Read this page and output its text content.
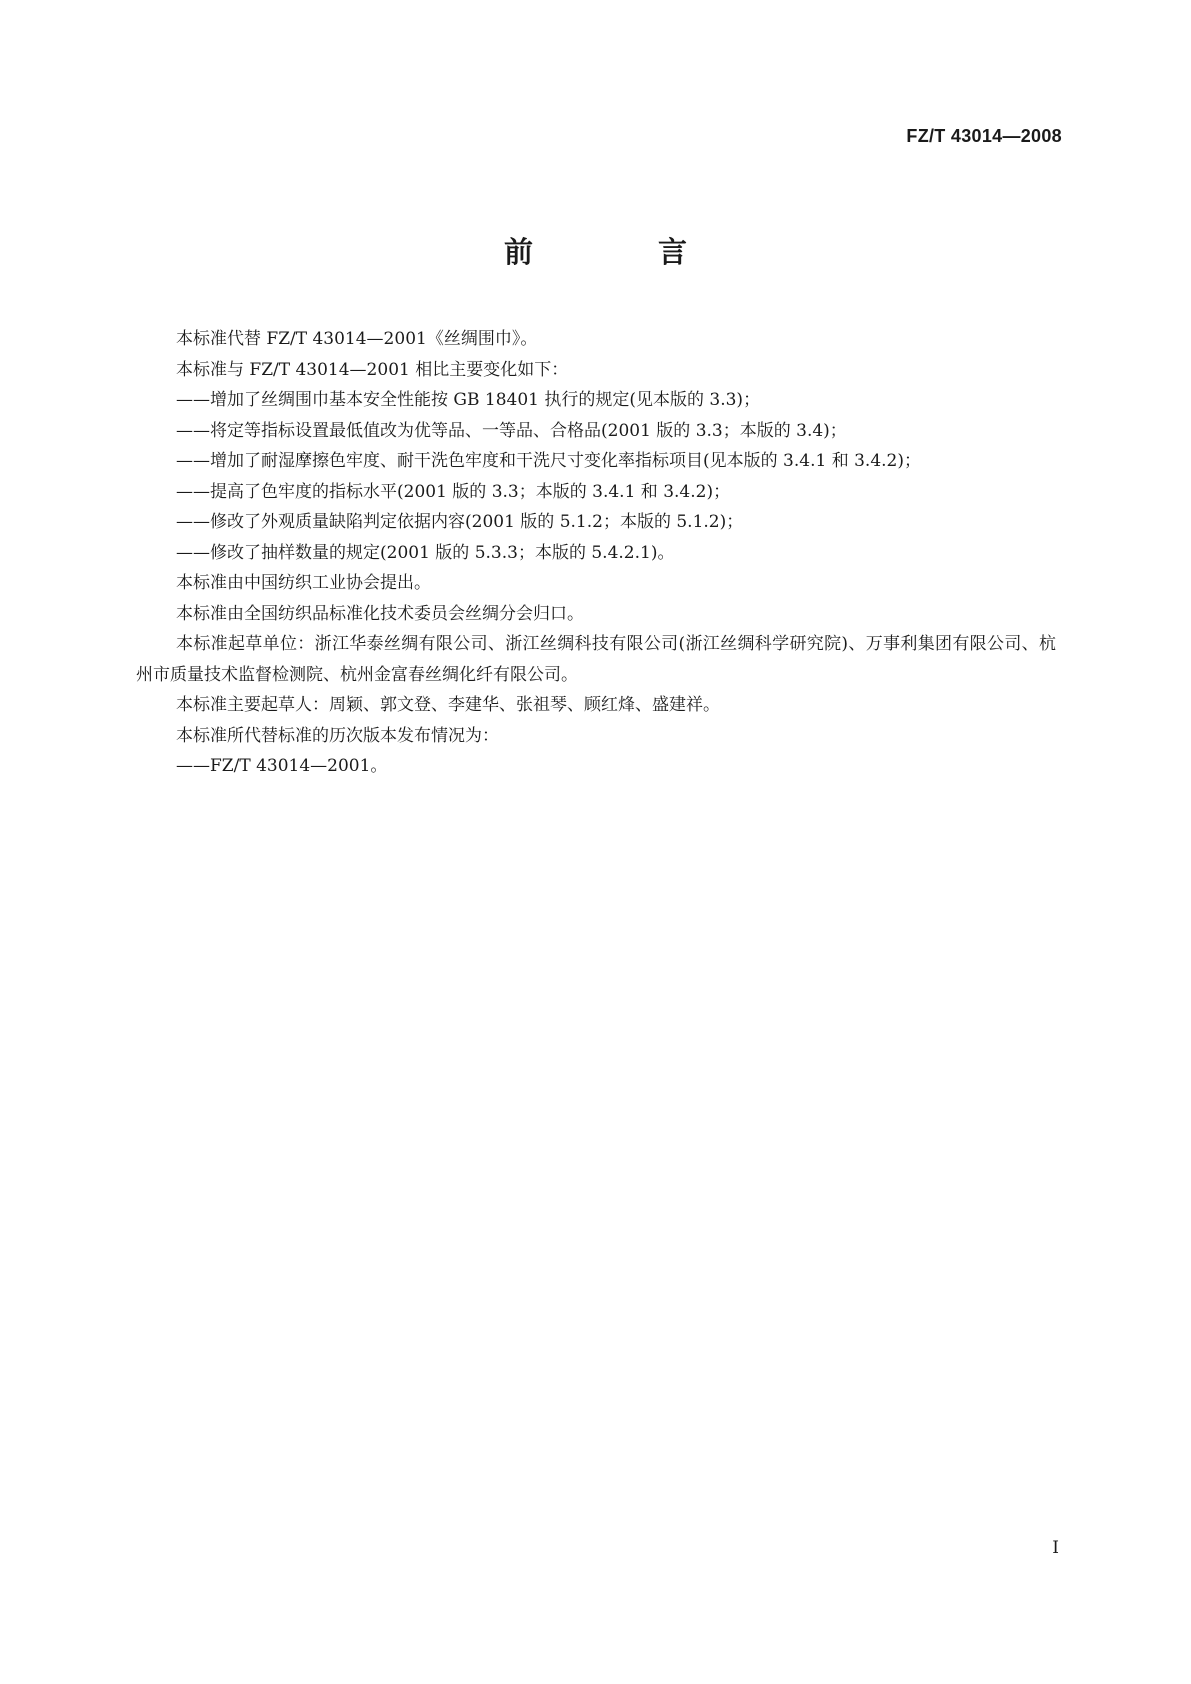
FZ/T 43014—2008
前　言

本标准代替 FZ/T 43014—2001《丝绸围巾》。

本标准与 FZ/T 43014—2001 相比主要变化如下：

——增加了丝绸围巾基本安全性能按 GB 18401 执行的规定(见本版的 3.3)；

——将定等指标设置最低值改为优等品、一等品、合格品(2001 版的 3.3；本版的 3.4)；

——增加了耐湿摩擦色牢度、耐干洗色牢度和干洗尺寸变化率指标项目(见本版的 3.4.1 和 3.4.2)；

——提高了色牢度的指标水平(2001 版的 3.3；本版的 3.4.1 和 3.4.2)；

——修改了外观质量缺陷判定依据内容(2001 版的 5.1.2；本版的 5.1.2)；

——修改了抽样数量的规定(2001 版的 5.3.3；本版的 5.4.2.1)。

本标准由中国纺织工业协会提出。

本标准由全国纺织品标准化技术委员会丝绸分会归口。

本标准起草单位：浙江华泰丝绸有限公司、浙江丝绸科技有限公司(浙江丝绸科学研究院)、万事利集团有限公司、杭州市质量技术监督检测院、杭州金富春丝绸化纤有限公司。

本标准主要起草人：周颖、郭文登、李建华、张祖琴、顾红烽、盛建祥。

本标准所代替标准的历次版本发布情况为：

——FZ/T 43014—2001。

I
